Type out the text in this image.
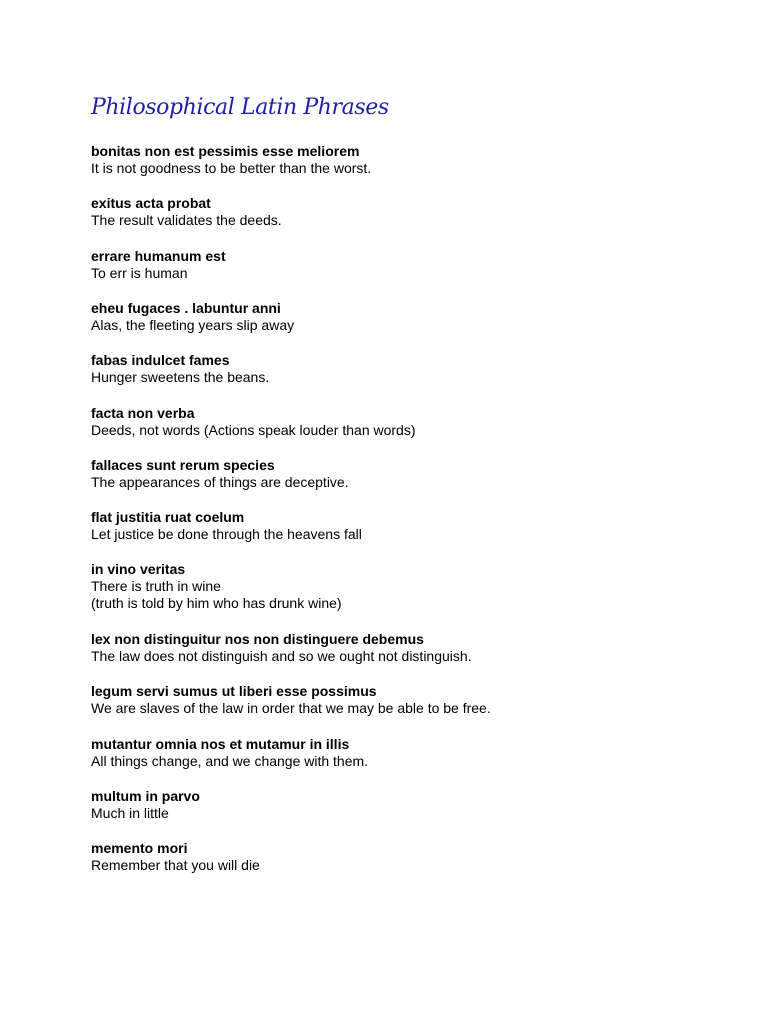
Philosophical Latin Phrases
bonitas non est pessimis esse meliorem
It is not goodness to be better than the worst.
exitus acta probat
The result validates the deeds.
errare humanum est
To err is human
eheu fugaces . labuntur anni
Alas, the fleeting years slip away
fabas indulcet fames
Hunger sweetens the beans.
facta non verba
Deeds, not words (Actions speak louder than words)
fallaces sunt rerum species
The appearances of things are deceptive.
flat justitia ruat coelum
Let justice be done through the heavens fall
in vino veritas
There is truth in wine
(truth is told by him who has drunk wine)
lex non distinguitur nos non distinguere debemus
The law does not distinguish and so we ought not distinguish.
legum servi sumus ut liberi esse possimus
We are slaves of the law in order that we may be able to be free.
mutantur omnia nos et mutamur in illis
All things change, and we change with them.
multum in parvo
Much in little
memento mori
Remember that you will die
